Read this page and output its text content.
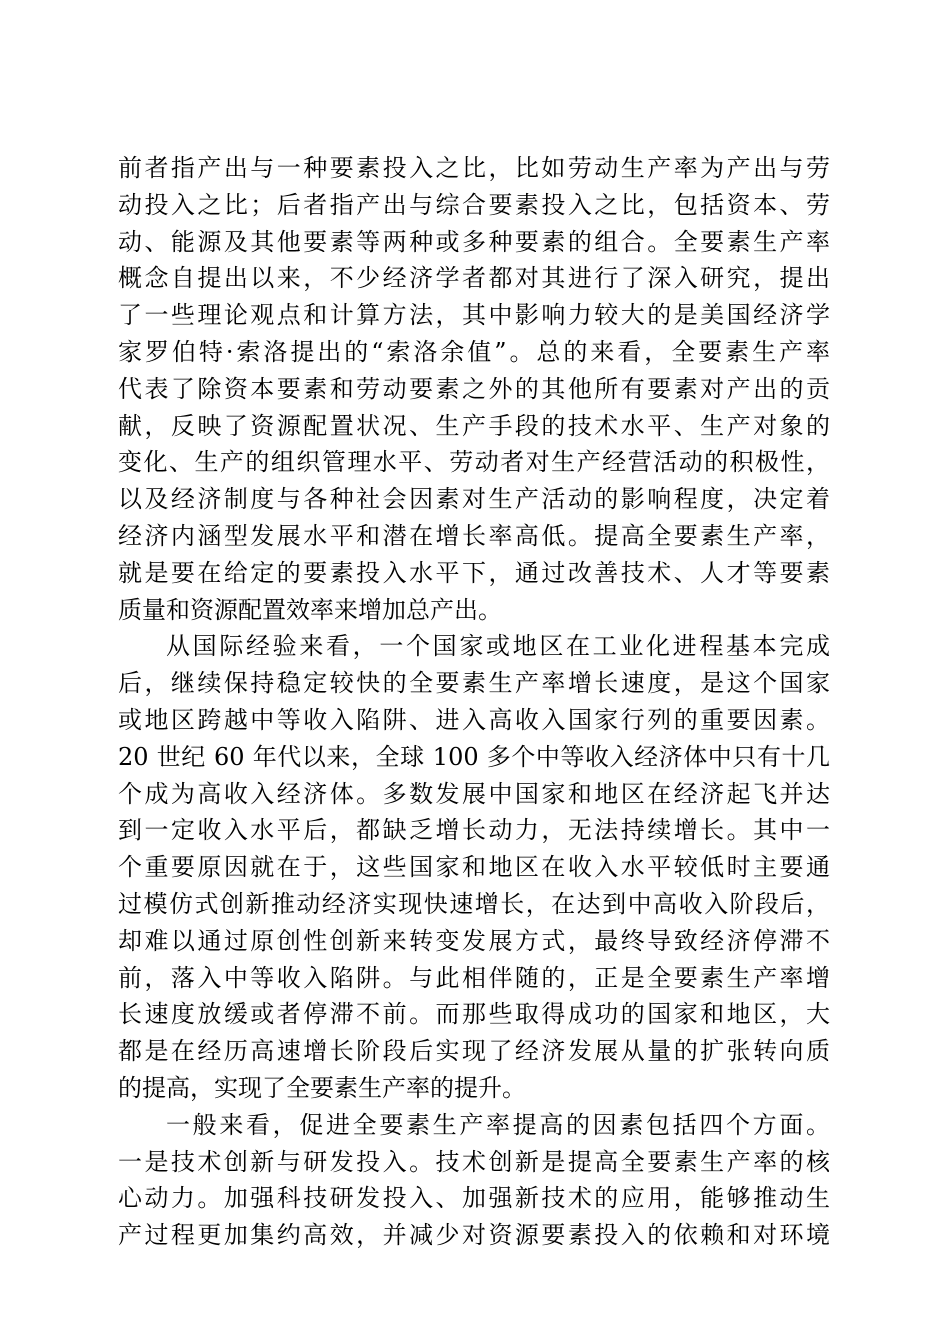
前者指产出与一种要素投入之比，比如劳动生产率为产出与劳
动投入之比；后者指产出与综合要素投入之比，包括资本、劳
动、能源及其他要素等两种或多种要素的组合。全要素生产率
概念自提出以来，不少经济学者都对其进行了深入研究，提出
了一些理论观点和计算方法，其中影响力较大的是美国经济学
家罗伯特·索洛提出的“索洛余值”。总的来看，全要素生产率
代表了除资本要素和劳动要素之外的其他所有要素对产出的贡
献，反映了资源配置状况、生产手段的技术水平、生产对象的
变化、生产的组织管理水平、劳动者对生产经营活动的积极性，
以及经济制度与各种社会因素对生产活动的影响程度，决定着
经济内涵型发展水平和潜在增长率高低。提高全要素生产率，
就是要在给定的要素投入水平下，通过改善技术、人才等要素
质量和资源配置效率来增加总产出。
从国际经验来看，一个国家或地区在工业化进程基本完成
后，继续保持稳定较快的全要素生产率增长速度，是这个国家
或地区跨越中等收入陷阱、进入高收入国家行列的重要因素。
20 世纪 60 年代以来，全球 100 多个中等收入经济体中只有十几
个成为高收入经济体。多数发展中国家和地区在经济起飞并达
到一定收入水平后，都缺乏增长动力，无法持续增长。其中一
个重要原因就在于，这些国家和地区在收入水平较低时主要通
过模仿式创新推动经济实现快速增长，在达到中高收入阶段后，
却难以通过原创性创新来转变发展方式，最终导致经济停滞不
前，落入中等收入陷阱。与此相伴随的，正是全要素生产率增
长速度放缓或者停滞不前。而那些取得成功的国家和地区，大
都是在经历高速增长阶段后实现了经济发展从量的扩张转向质
的提高，实现了全要素生产率的提升。
一般来看，促进全要素生产率提高的因素包括四个方面。
一是技术创新与研发投入。技术创新是提高全要素生产率的核
心动力。加强科技研发投入、加强新技术的应用，能够推动生
产过程更加集约高效，并减少对资源要素投入的依赖和对环境
